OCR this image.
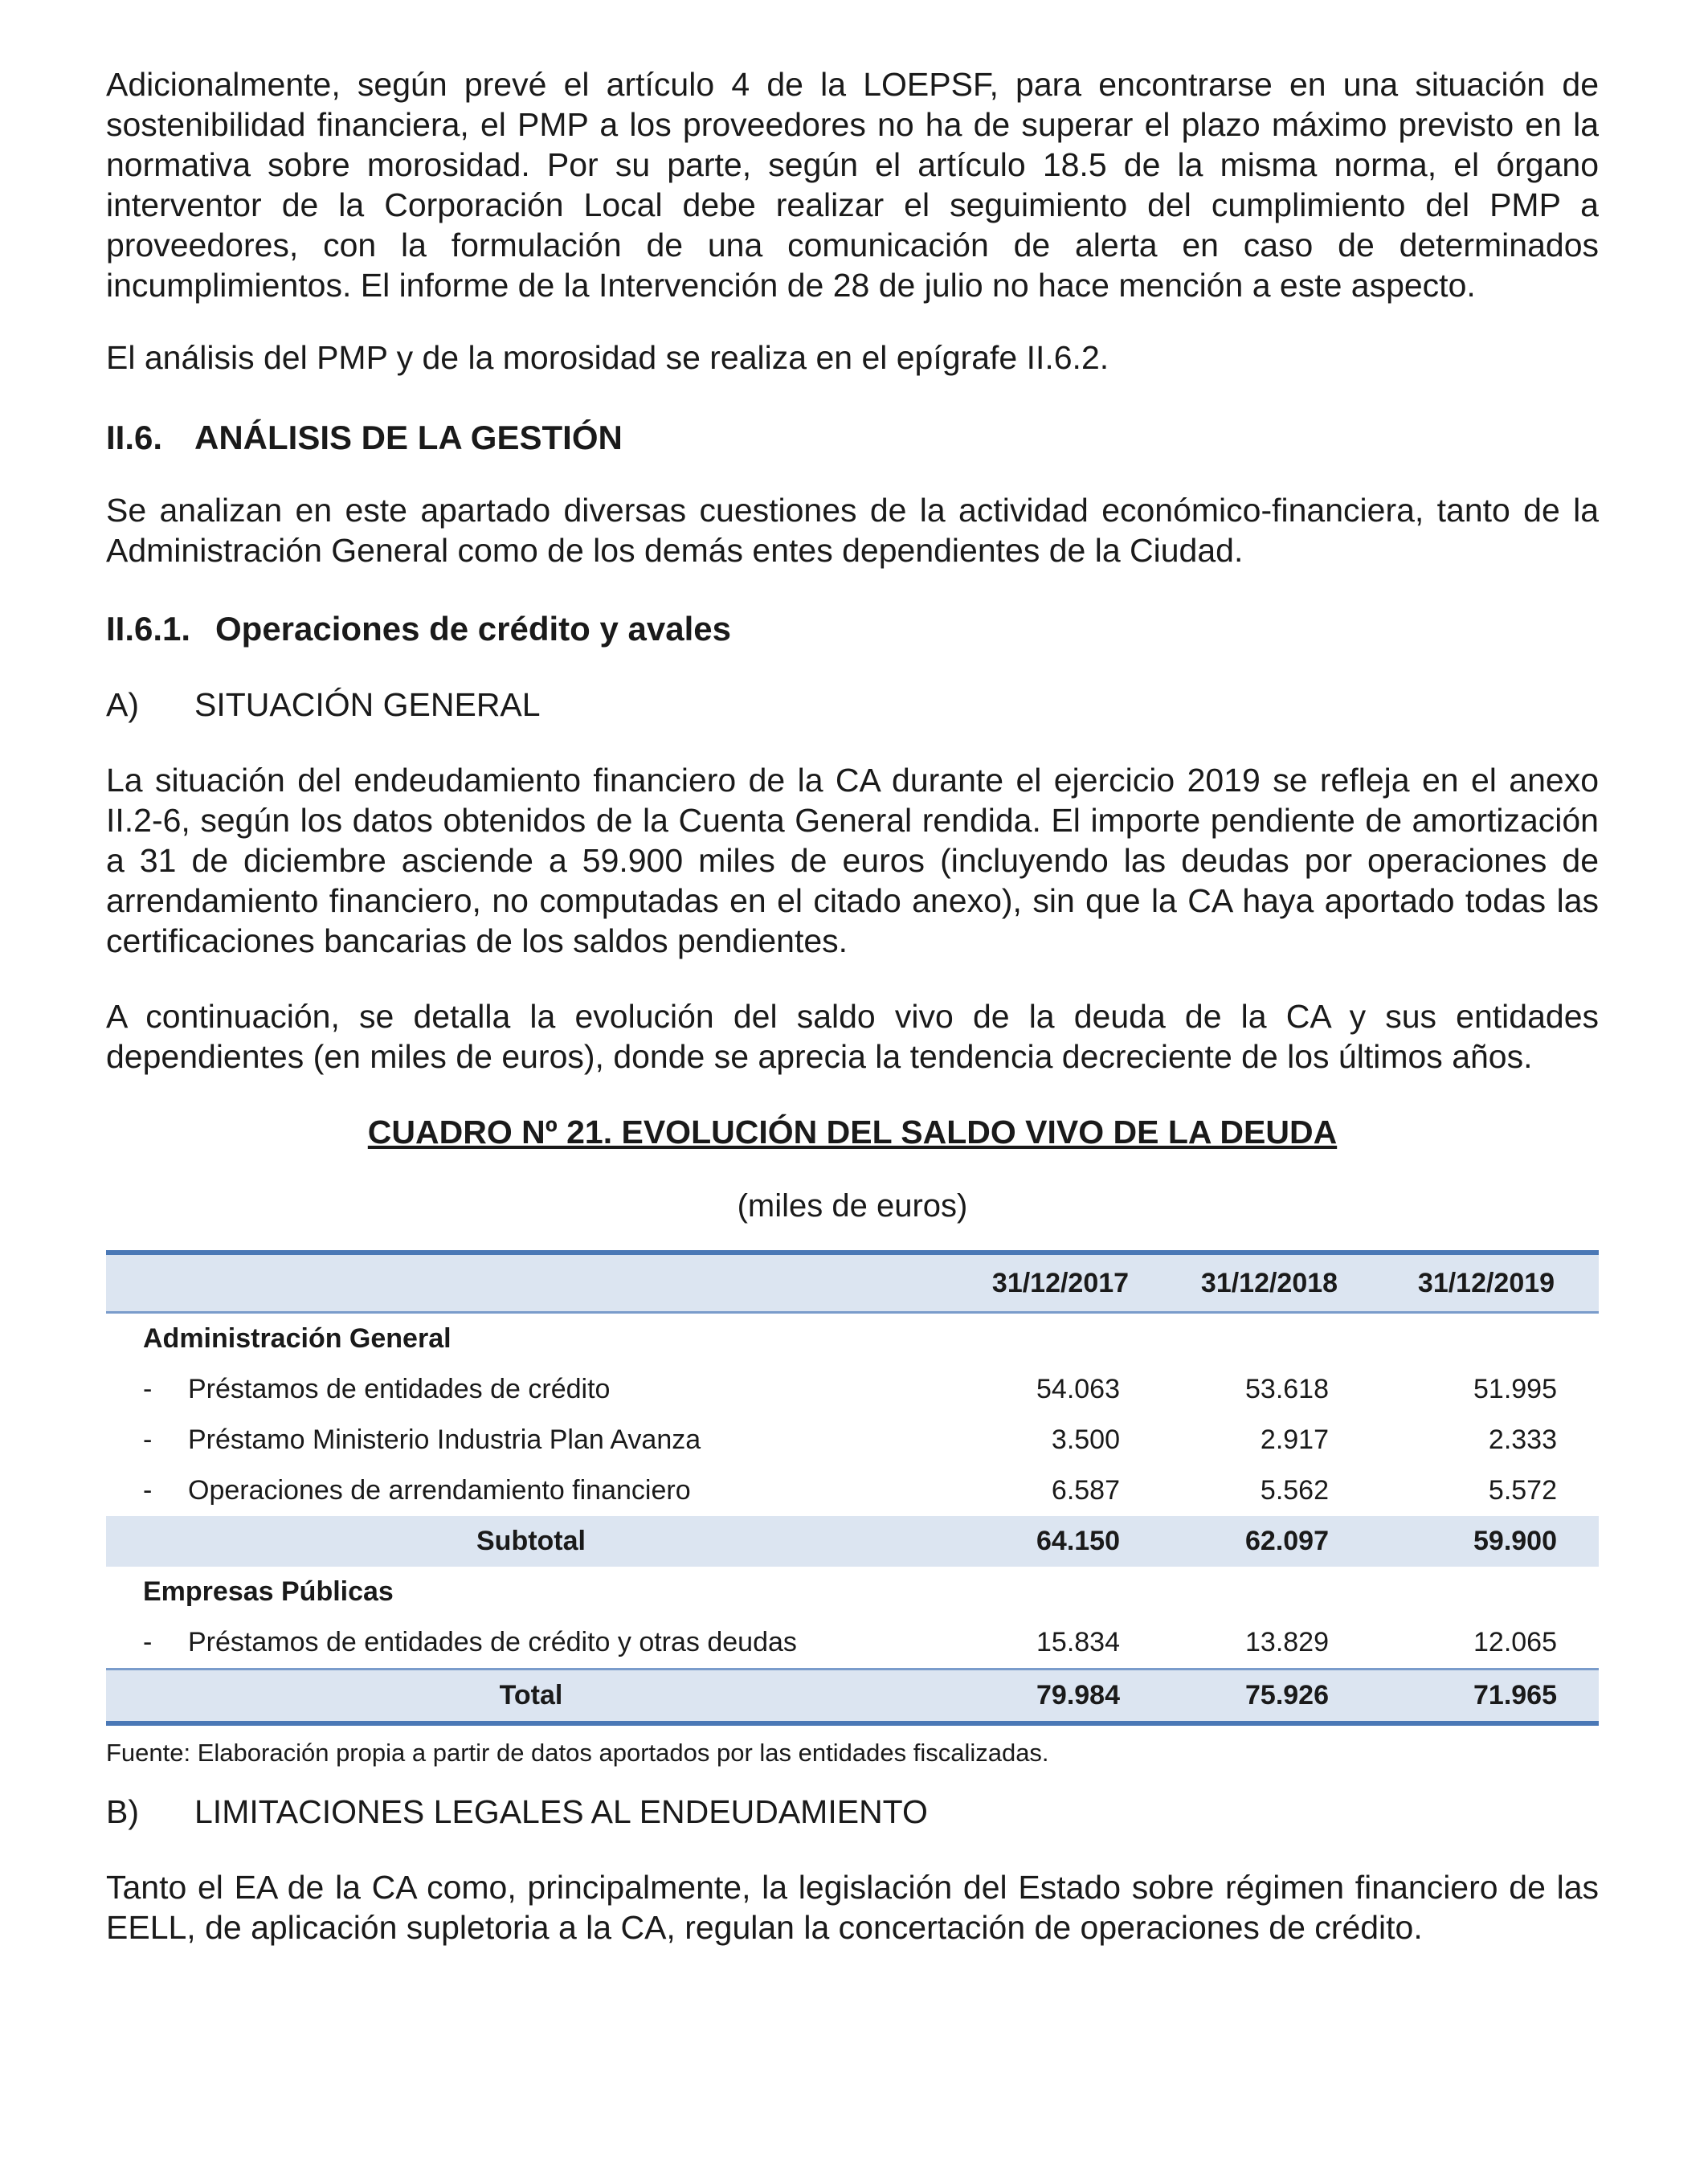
Adicionalmente, según prevé el artículo 4 de la LOEPSF, para encontrarse en una situación de sostenibilidad financiera, el PMP a los proveedores no ha de superar el plazo máximo previsto en la normativa sobre morosidad. Por su parte, según el artículo 18.5 de la misma norma, el órgano interventor de la Corporación Local debe realizar el seguimiento del cumplimiento del PMP a proveedores, con la formulación de una comunicación de alerta en caso de determinados incumplimientos. El informe de la Intervención de 28 de julio no hace mención a este aspecto.

El análisis del PMP y de la morosidad se realiza en el epígrafe II.6.2.

II.6. ANÁLISIS DE LA GESTIÓN

Se analizan en este apartado diversas cuestiones de la actividad económico-financiera, tanto de la Administración General como de los demás entes dependientes de la Ciudad.

II.6.1. Operaciones de crédito y avales
A) SITUACIÓN GENERAL

La situación del endeudamiento financiero de la CA durante el ejercicio 2019 se refleja en el anexo II.2-6, según los datos obtenidos de la Cuenta General rendida. El importe pendiente de amortización a 31 de diciembre asciende a 59.900 miles de euros (incluyendo las deudas por operaciones de arrendamiento financiero, no computadas en el citado anexo), sin que la CA haya aportado todas las certificaciones bancarias de los saldos pendientes.

A continuación, se detalla la evolución del saldo vivo de la deuda de la CA y sus entidades dependientes (en miles de euros), donde se aprecia la tendencia decreciente de los últimos años.

CUADRO Nº 21. EVOLUCIÓN DEL SALDO VIVO DE LA DEUDA

(miles de euros)

	31/12/2017	31/12/2018	31/12/2019
Administración General			
- Préstamos de entidades de crédito	54.063	53.618	51.995
- Préstamo Ministerio Industria Plan Avanza	3.500	2.917	2.333
- Operaciones de arrendamiento financiero	6.587	5.562	5.572
Subtotal	64.150	62.097	59.900
Empresas Públicas			
- Préstamos de entidades de crédito y otras deudas	15.834	13.829	12.065
Total	79.984	75.926	71.965

Fuente: Elaboración propia a partir de datos aportados por las entidades fiscalizadas.

B) LIMITACIONES LEGALES AL ENDEUDAMIENTO

Tanto el EA de la CA como, principalmente, la legislación del Estado sobre régimen financiero de las EELL, de aplicación supletoria a la CA, regulan la concertación de operaciones de crédito.
